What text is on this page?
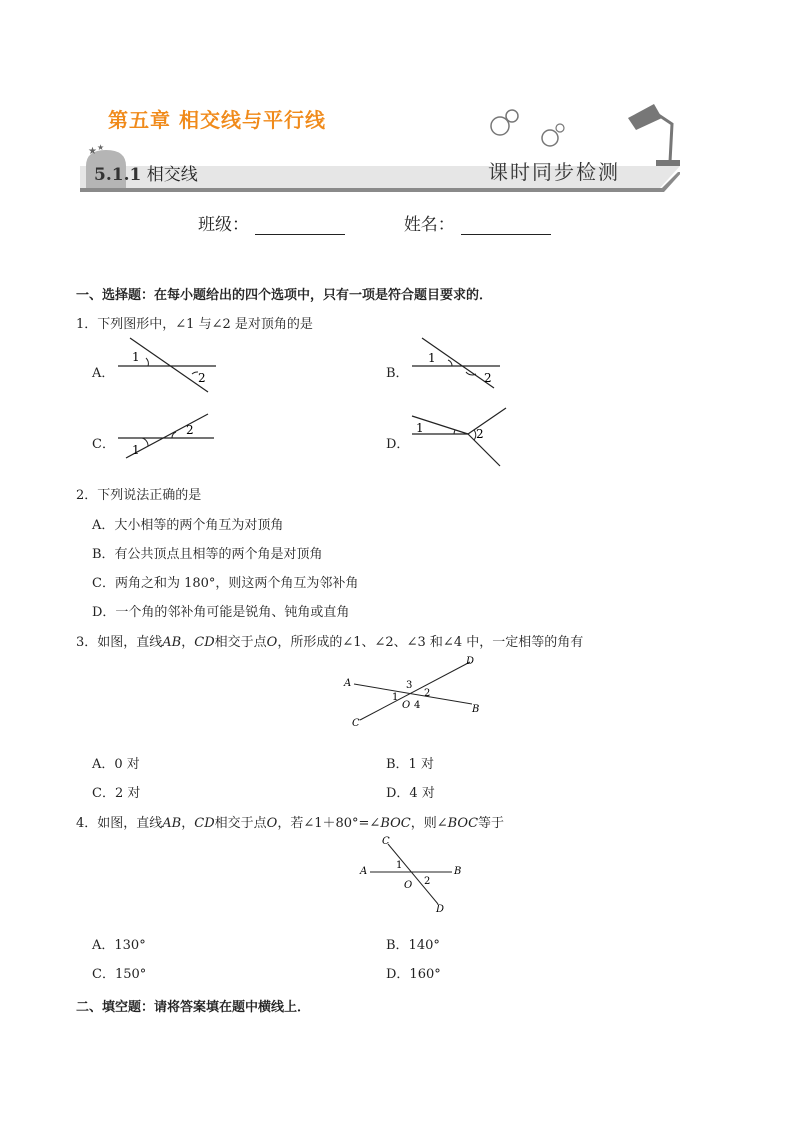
★ ★
第五章 相交线与平行线
5.1.1 相交线	课时同步检测
班级：	姓名：
一、选择题：在每小题给出的四个选项中，只有一项是符合题目要求的．
1．下列图形中，∠1 与∠2 是对顶角的是
A．
1
2	B．
1
2
C． 1
2
D．
1	2
2．下列说法正确的是
A．大小相等的两个角互为对顶角
B．有公共顶点且相等的两个角是对顶角
C．两角之和为 180°，则这两个角互为邻补角
D．一个角的邻补角可能是锐角、钝角或直角
3．如图，直线AB，CD相交于点O，所形成的∠1、∠2、∠3 和∠4 中，一定相等的角有
A
B
C
D
O
1	2
3
4
A．0 对	B．1 对
C．2 对	D．4 对
4．如图，直线AB，CD相交于点O，若∠1＋80°=∠BOC，则∠BOC等于
A	B
C
D
O
1
2
A．130°	B．140°
C．150°	D．160°
二、填空题：请将答案填在题中横线上．
